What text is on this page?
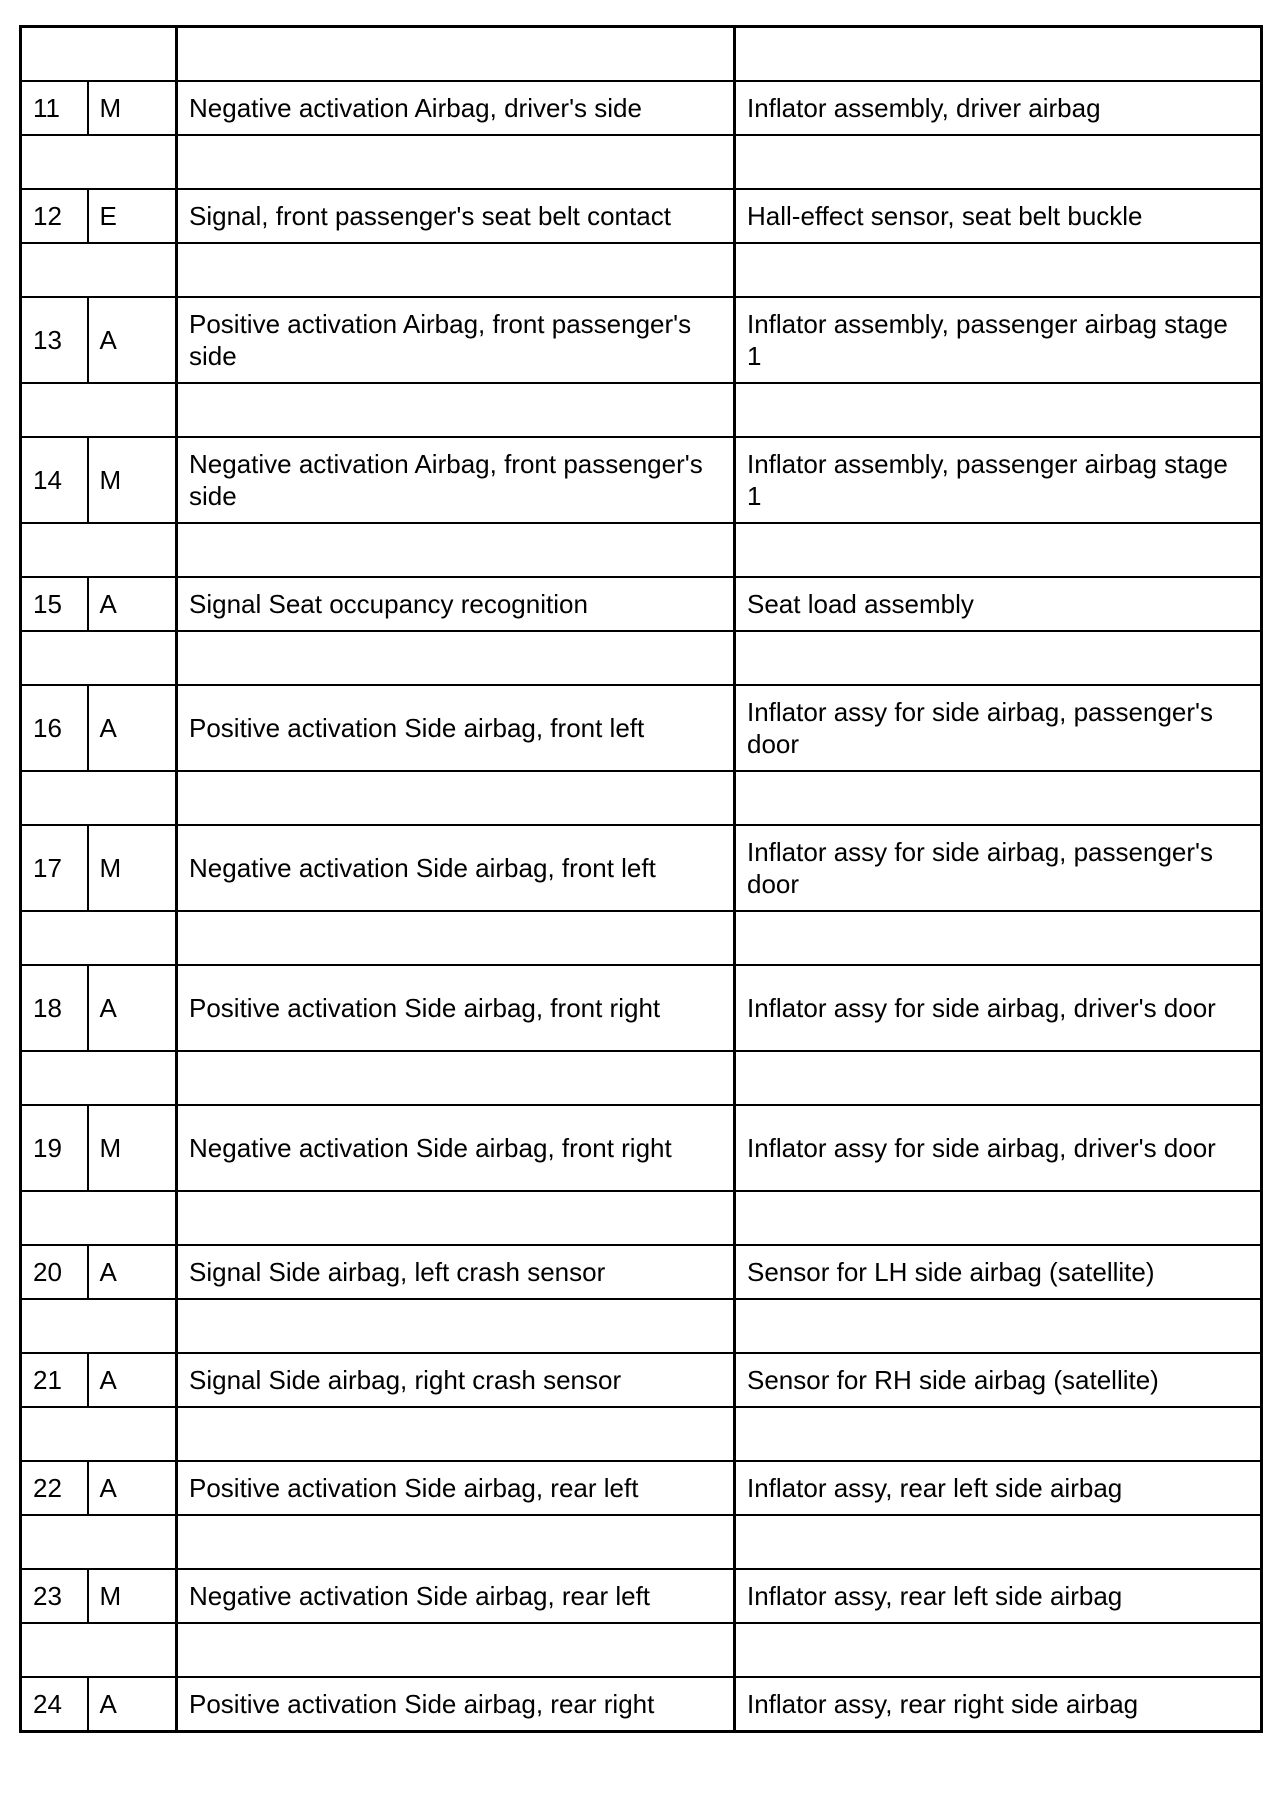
11	M	Negative activation Airbag, driver's side	Inflator assembly, driver airbag

12	E	Signal, front passenger's seat belt contact	Hall-effect sensor, seat belt buckle

13	A	Positive activation Airbag, front passenger's side	Inflator assembly, passenger airbag stage 1

14	M	Negative activation Airbag, front passenger's side	Inflator assembly, passenger airbag stage 1

15	A	Signal Seat occupancy recognition	Seat load assembly

16	A	Positive activation Side airbag, front left	Inflator assy for side airbag, passenger's door

17	M	Negative activation Side airbag, front left	Inflator assy for side airbag, passenger's door

18	A	Positive activation Side airbag, front right	Inflator assy for side airbag, driver's door

19	M	Negative activation Side airbag, front right	Inflator assy for side airbag, driver's door

20	A	Signal Side airbag, left crash sensor	Sensor for LH side airbag (satellite)

21	A	Signal Side airbag, right crash sensor	Sensor for RH side airbag (satellite)

22	A	Positive activation Side airbag, rear left	Inflator assy, rear left side airbag

23	M	Negative activation Side airbag, rear left	Inflator assy, rear left side airbag

24	A	Positive activation Side airbag, rear right	Inflator assy, rear right side airbag
